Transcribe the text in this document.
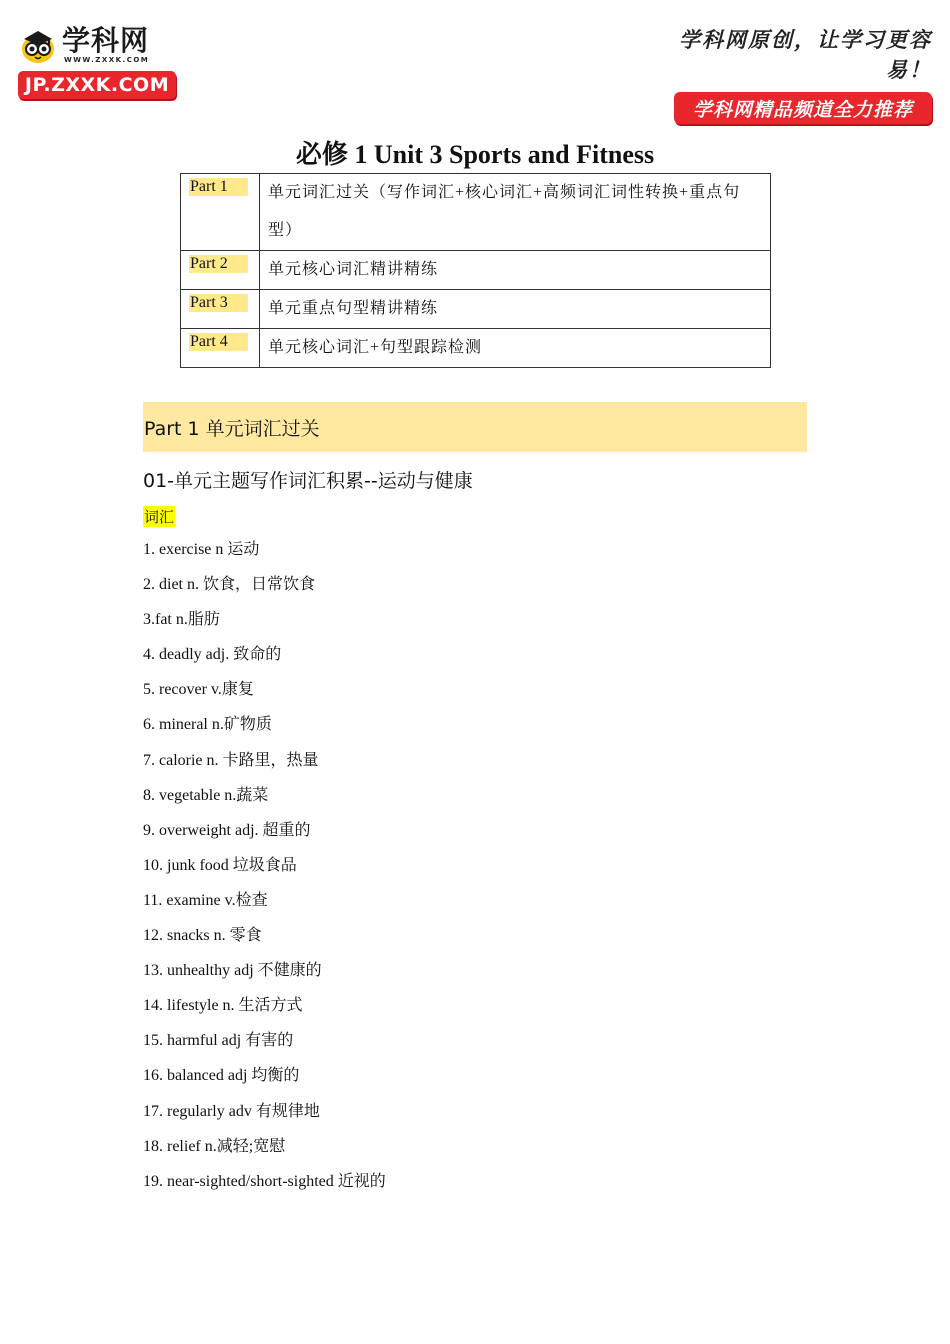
学科网
WWW.ZXXK.COM
JP.ZXXK.COM
学科网原创，让学习更容易！
学科网精品频道全力推荐
必修 1 Unit 3 Sports and Fitness
Part 1	单元词汇过关（写作词汇+核心词汇+高频词汇词性转换+重点句型）
Part 2	单元核心词汇精讲精练
Part 3	单元重点句型精讲精练
Part 4	单元核心词汇+句型跟踪检测
Part 1 单元词汇过关
01-单元主题写作词汇积累--运动与健康
词汇
1. exercise n 运动
2. diet n. 饮食，日常饮食
3.fat n.脂肪
4. deadly adj. 致命的
5. recover v.康复
6. mineral n.矿物质
7. calorie n. 卡路里，热量
8. vegetable n.蔬菜
9. overweight adj. 超重的
10. junk food 垃圾食品
11. examine v.检查
12. snacks n. 零食
13. unhealthy adj 不健康的
14. lifestyle n. 生活方式
15. harmful adj 有害的
16. balanced adj 均衡的
17. regularly adv 有规律地
18. relief n.减轻;宽慰
19. near-sighted/short-sighted 近视的
